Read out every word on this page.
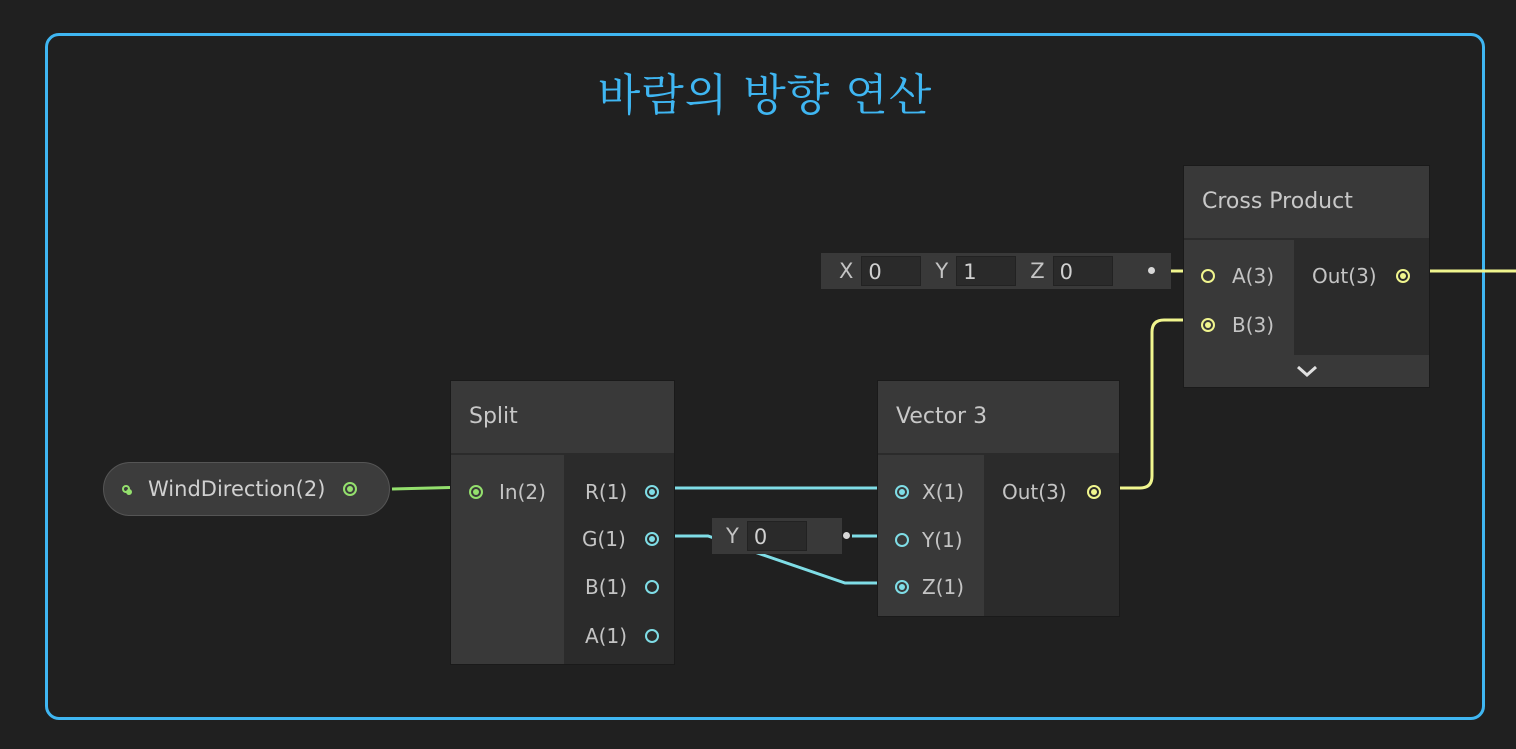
바람의 방향 연산
WindDirection(2)
Split
In(2) R(1)
G(1)
B(1)
A(1)
Y 0
Vector 3
X(1)
Y(1)
Z(1)
Out(3)
X 0	Y 1	Z 0
Cross Product
A(3)
B(3)
Out(3)
